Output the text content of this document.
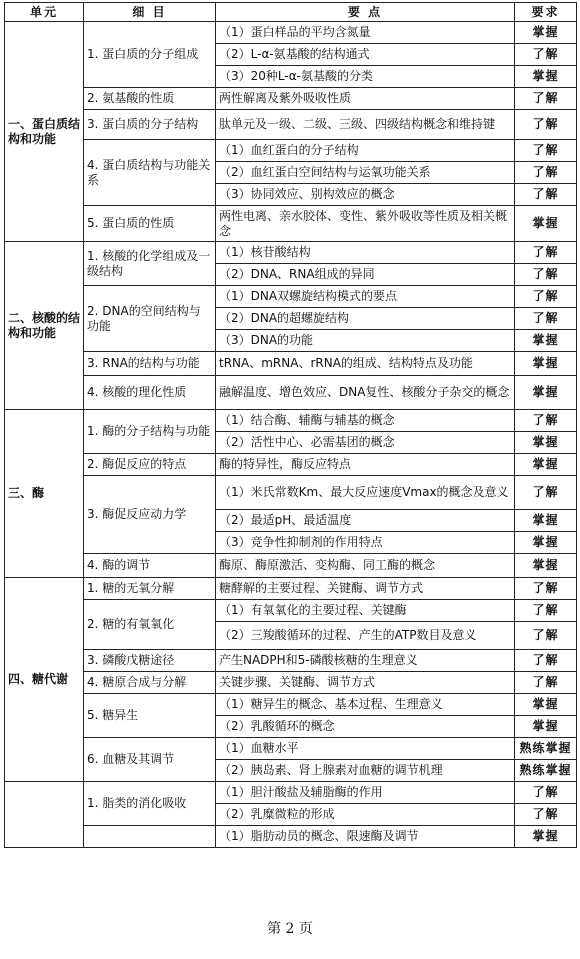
单元	细 目	要 点	要求
一、蛋白质结构和功能	1. 蛋白质的分子组成	（1）蛋白样品的平均含氮量	掌握
		（2）L-α-氨基酸的结构通式	了解
		（3）20种L-α-氨基酸的分类	掌握
	2. 氨基酸的性质	两性解离及紫外吸收性质	了解
	3. 蛋白质的分子结构	肽单元及一级、二级、三级、四级结构概念和维持键	了解
	4. 蛋白质结构与功能关系	（1）血红蛋白的分子结构	了解
		（2）血红蛋白空间结构与运氧功能关系	了解
		（3）协同效应、别构效应的概念	了解
	5. 蛋白质的性质	两性电离、亲水胶体、变性、紫外吸收等性质及相关概念	掌握
二、核酸的结构和功能	1. 核酸的化学组成及一级结构	（1）核苷酸结构	了解
		（2）DNA、RNA组成的异同	了解
	2. DNA的空间结构与功能	（1）DNA双螺旋结构模式的要点	了解
		（2）DNA的超螺旋结构	了解
		（3）DNA的功能	掌握
	3. RNA的结构与功能	tRNA、mRNA、rRNA的组成、结构特点及功能	掌握
	4. 核酸的理化性质	融解温度、增色效应、DNA复性、核酸分子杂交的概念	掌握
三、酶	1. 酶的分子结构与功能	（1）结合酶、辅酶与辅基的概念	了解
		（2）活性中心、必需基团的概念	掌握
	2. 酶促反应的特点	酶的特异性，酶反应特点	掌握
	3. 酶促反应动力学	（1）米氏常数Km、最大反应速度Vmax的概念及意义	了解
		（2）最适pH、最适温度	掌握
		（3）竞争性抑制剂的作用特点	掌握
	4. 酶的调节	酶原、酶原激活、变构酶、同工酶的概念	掌握
四、糖代谢	1. 糖的无氧分解	糖酵解的主要过程、关键酶、调节方式	了解
	2. 糖的有氧氧化	（1）有氧氧化的主要过程、关键酶	了解
		（2）三羧酸循环的过程、产生的ATP数目及意义	了解
	3. 磷酸戊糖途径	产生NADPH和5-磷酸核糖的生理意义	了解
	4. 糖原合成与分解	关键步骤、关键酶、调节方式	了解
	5. 糖异生	（1）糖异生的概念、基本过程、生理意义	掌握
		（2）乳酸循环的概念	掌握
	6. 血糖及其调节	（1）血糖水平	熟练掌握
		（2）胰岛素、肾上腺素对血糖的调节机理	熟练掌握
	1. 脂类的消化吸收	（1）胆汁酸盐及辅脂酶的作用	了解
		（2）乳糜微粒的形成	了解
		（1）脂肪动员的概念、限速酶及调节	掌握
第 2 页
